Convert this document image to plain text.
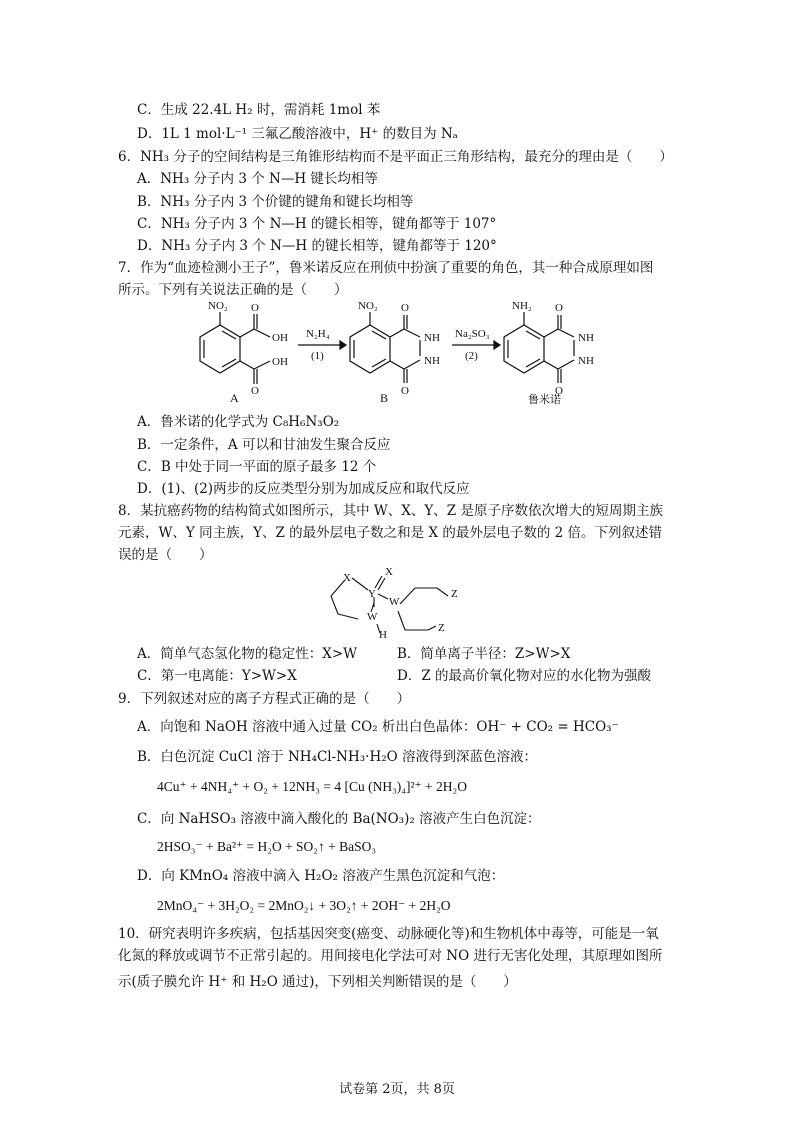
C．生成 22.4L H₂ 时，需消耗 1mol 苯
D．1L 1 mol·L⁻¹ 三氟乙酸溶液中，H⁺ 的数目为 Nₐ
6．NH₃ 分子的空间结构是三角锥形结构而不是平面正三角形结构，最充分的理由是（　　）
A．NH₃ 分子内 3 个 N—H 键长均相等
B．NH₃ 分子内 3 个价键的键角和键长均相等
C．NH₃ 分子内 3 个 N—H 的键长相等，键角都等于 107°
D．NH₃ 分子内 3 个 N—H 的键长相等，键角都等于 120°
7．作为“血迹检测小王子”，鲁米诺反应在刑侦中扮演了重要的角色，其一种合成原理如图
所示。下列有关说法正确的是（　　）
NO₂ O
OH
OH
O
N₂H₄
(1)
NO₂ O
NH
NH
O
Na₂SO₃
(2)
NH₂ O
NH
NH
O
A	B	鲁米诺
A．鲁米诺的化学式为 C₈H₆N₃O₂
B．一定条件，A 可以和甘油发生聚合反应
C．B 中处于同一平面的原子最多 12 个
D．(1)、(2)两步的反应类型分别为加成反应和取代反应
8．某抗癌药物的结构简式如图所示，其中 W、X、Y、Z 是原子序数依次增大的短周期主族
元素，W、Y 同主族，Y、Z 的最外层电子数之和是 X 的最外层电子数的 2 倍。下列叙述错
误的是（　　）
X	X
Y
W
W
H
Z
Z
A．简单气态氢化物的稳定性：X>W	B．简单离子半径：Z>W>X
C．第一电离能：Y>W>X	D．Z 的最高价氧化物对应的水化物为强酸
9．下列叙述对应的离子方程式正确的是（　　）
A．向饱和 NaOH 溶液中通入过量 CO₂ 析出白色晶体：OH⁻ + CO₂ = HCO₃⁻
B．白色沉淀 CuCl 溶于 NH₄Cl-NH₃·H₂O 溶液得到深蓝色溶液：
4Cu⁺ + 4NH₄⁺ + O₂ + 12NH₃ = 4 [Cu (NH₃)₄]²⁺ + 2H₂O
C．向 NaHSO₃ 溶液中滴入酸化的 Ba(NO₃)₂ 溶液产生白色沉淀：
2HSO₃⁻ + Ba²⁺ = H₂O + SO₂↑ + BaSO₃
D．向 KMnO₄ 溶液中滴入 H₂O₂ 溶液产生黑色沉淀和气泡：
2MnO₄⁻ + 3H₂O₂ = 2MnO₂↓ + 3O₂↑ + 2OH⁻ + 2H₂O
10．研究表明许多疾病，包括基因突变(癌变、动脉硬化等)和生物机体中毒等，可能是一氧
化氮的释放或调节不正常引起的。用间接电化学法可对 NO 进行无害化处理，其原理如图所
示(质子膜允许 H⁺ 和 H₂O 通过)，下列相关判断错误的是（　　）
试卷第 2页，共 8页
